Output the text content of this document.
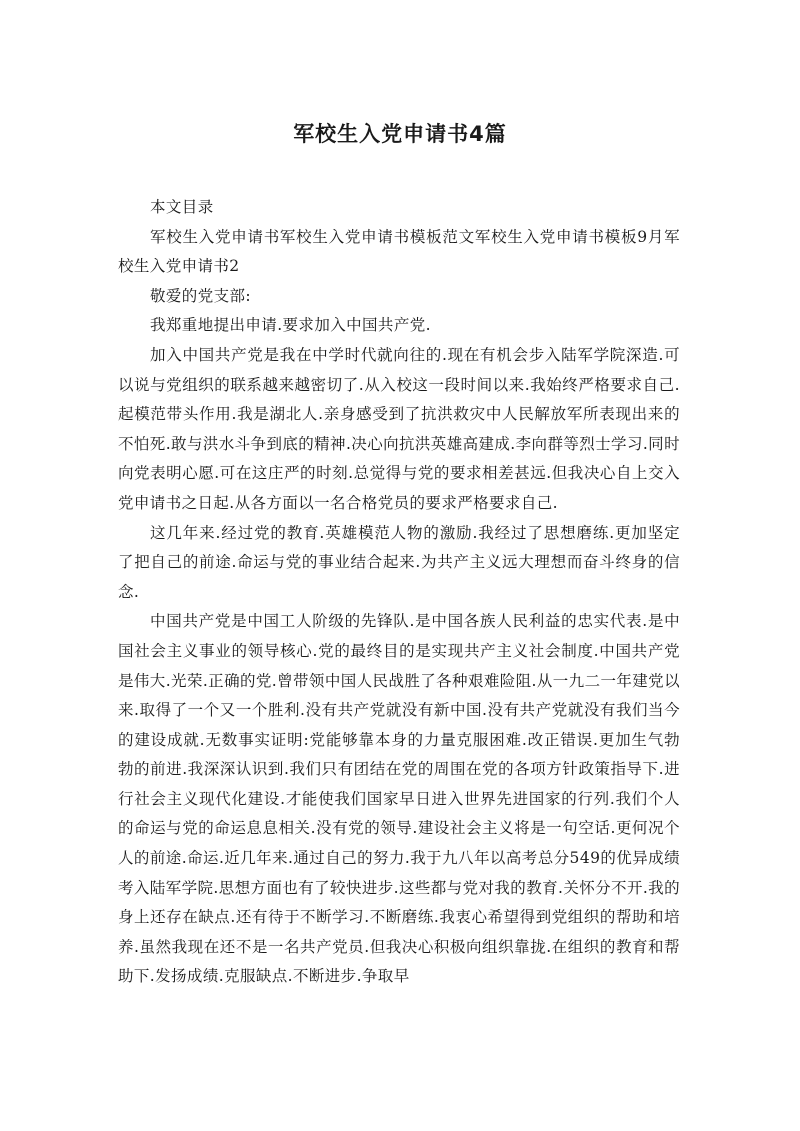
军校生入党申请书4篇

本文目录

军校生入党申请书军校生入党申请书模板范文军校生入党申请书模板9月军校生入党申请书2

敬爱的党支部:

我郑重地提出申请.要求加入中国共产党.

加入中国共产党是我在中学时代就向往的.现在有机会步入陆军学院深造.可以说与党组织的联系越来越密切了.从入校这一段时间以来.我始终严格要求自己.起模范带头作用.我是湖北人.亲身感受到了抗洪救灾中人民解放军所表现出来的不怕死.敢与洪水斗争到底的精神.决心向抗洪英雄高建成.李向群等烈士学习.同时向党表明心愿.可在这庄严的时刻.总觉得与党的要求相差甚远.但我决心自上交入党申请书之日起.从各方面以一名合格党员的要求严格要求自己.

这几年来.经过党的教育.英雄模范人物的激励.我经过了思想磨练.更加坚定了把自己的前途.命运与党的事业结合起来.为共产主义远大理想而奋斗终身的信念.

中国共产党是中国工人阶级的先锋队.是中国各族人民利益的忠实代表.是中国社会主义事业的领导核心.党的最终目的是实现共产主义社会制度.中国共产党是伟大.光荣.正确的党.曾带领中国人民战胜了各种艰难险阻.从一九二一年建党以来.取得了一个又一个胜利.没有共产党就没有新中国.没有共产党就没有我们当今的建设成就.无数事实证明:党能够靠本身的力量克服困难.改正错误.更加生气勃勃的前进.我深深认识到.我们只有团结在党的周围在党的各项方针政策指导下.进行社会主义现代化建设.才能使我们国家早日进入世界先进国家的行列.我们个人的命运与党的命运息息相关.没有党的领导.建设社会主义将是一句空话.更何况个人的前途.命运.近几年来.通过自己的努力.我于九八年以高考总分549的优异成绩考入陆军学院.思想方面也有了较快进步.这些都与党对我的教育.关怀分不开.我的身上还存在缺点.还有待于不断学习.不断磨练.我衷心希望得到党组织的帮助和培养.虽然我现在还不是一名共产党员.但我决心积极向组织靠拢.在组织的教育和帮助下.发扬成绩.克服缺点.不断进步.争取早
